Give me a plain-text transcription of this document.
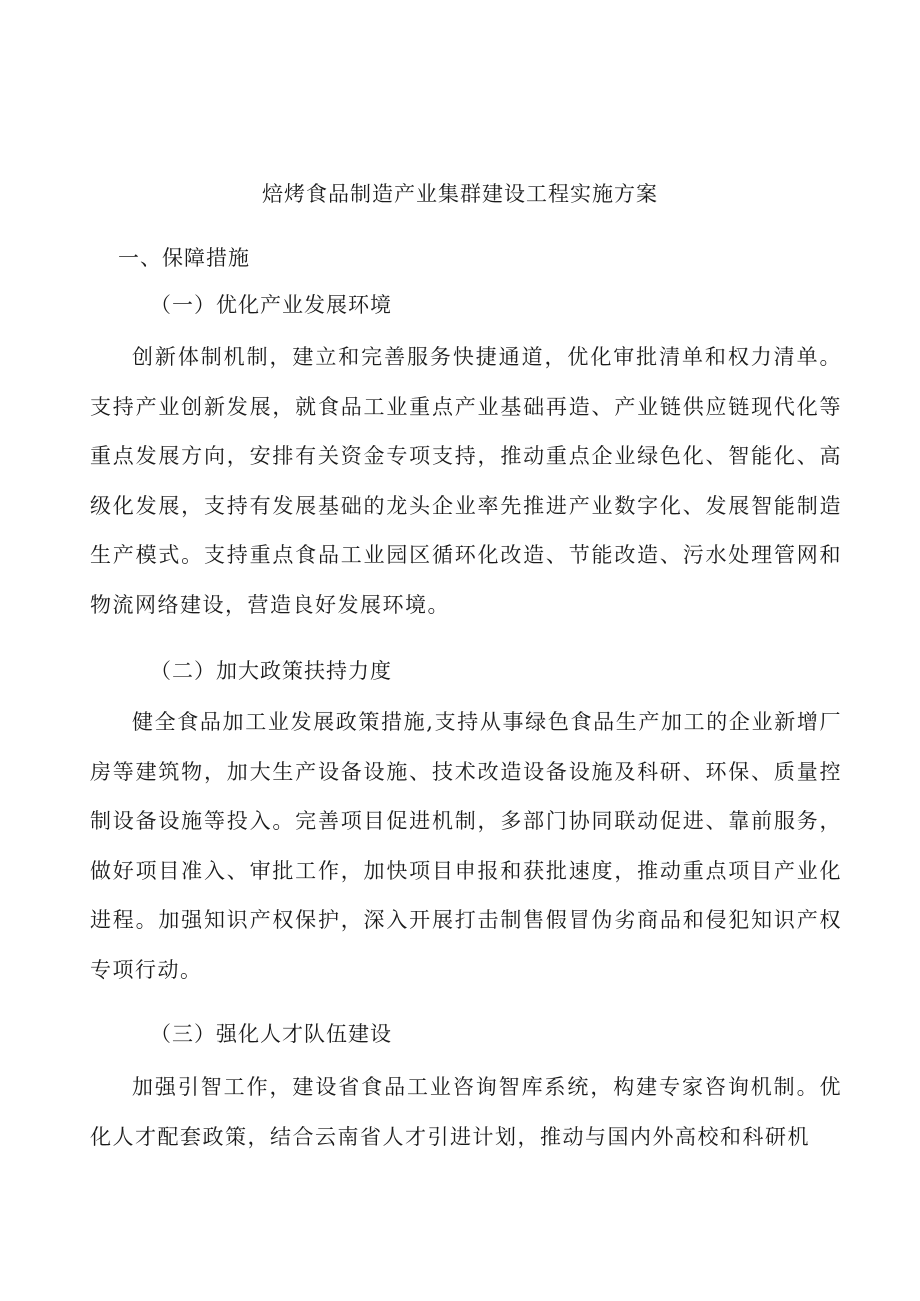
焙烤食品制造产业集群建设工程实施方案
一、保障措施
（一）优化产业发展环境

创新体制机制，建立和完善服务快捷通道，优化审批清单和权力清单。支持产业创新发展，就食品工业重点产业基础再造、产业链供应链现代化等重点发展方向，安排有关资金专项支持，推动重点企业绿色化、智能化、高级化发展，支持有发展基础的龙头企业率先推进产业数字化、发展智能制造生产模式。支持重点食品工业园区循环化改造、节能改造、污水处理管网和物流网络建设，营造良好发展环境。

（二）加大政策扶持力度

健全食品加工业发展政策措施,支持从事绿色食品生产加工的企业新增厂房等建筑物，加大生产设备设施、技术改造设备设施及科研、环保、质量控制设备设施等投入。完善项目促进机制，多部门协同联动促进、靠前服务，做好项目准入、审批工作，加快项目申报和获批速度，推动重点项目产业化进程。加强知识产权保护，深入开展打击制售假冒伪劣商品和侵犯知识产权专项行动。

（三）强化人才队伍建设

加强引智工作，建设省食品工业咨询智库系统，构建专家咨询机制。优化人才配套政策，结合云南省人才引进计划，推动与国内外高校和科研机
